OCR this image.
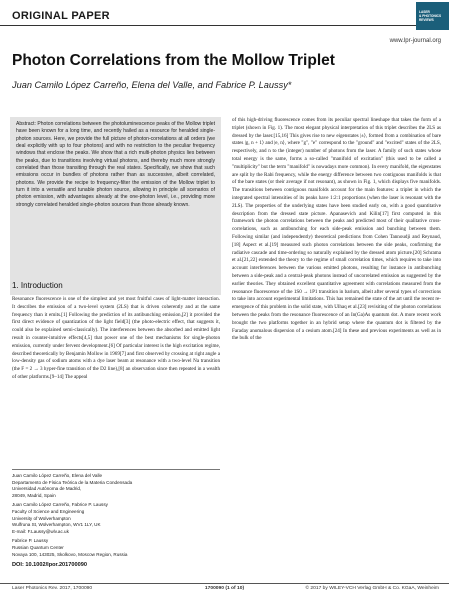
ORIGINAL PAPER	LASER
& PHOTONICS
REVIEWS
www.lpr-journal.org
Photon Correlations from the Mollow Triplet
Juan Camilo López Carreño, Elena del Valle, and Fabrice P. Laussy*
Abstract: Photon correlations between the photoluminescence peaks of the Mollow triplet have been known for a long time, and recently hailed as a resource for heralded single-photon sources. Here, we provide the full picture of photon-correlations at all orders (we deal explicitly with up to four photons) and with no restriction to the peculiar frequency windows that enclose the peaks. We show that a rich multi-photon physics lies between the peaks, due to transitions involving virtual photons, and thereby much more strongly correlated than those transiting through the real states. Specifically, we show that such emissions occur in bundles of photons rather than as successive, albeit correlated, photons. We provide the recipe to frequency-filter the emission of the Mollow triplet to turn it into a versatile and tunable photon source, allowing in principle all scenarios of photon emission, with advantages already at the one-photon level, i.e., providing more strongly correlated heralded single-photon sources than those already known.
1. Introduction

Resonance fluorescence is one of the simplest and yet most fruitful cases of light-matter interaction. It describes the emission of a two-level system (2LS) that is driven coherently and at the same frequency than it emits.[1] Following the prediction of its antibunching emission,[2] it provided the first direct evidence of quantization of the light field[3] (the photo-electric effect, that suggests it, could also be explained semi-classically). The interferences between the absorbed and emitted light result in counter-intuitive effects[4,5] that power one of the best mechanisms for single-photon emission, currently under fervent development.[6] Of particular interest is the high excitation regime, described theoretically by Benjamin Mollow in 1969[7] and first observed by crossing at right angle a low-density gas of sodium atoms with a dye laser beam at resonance with a two-level Na transition (the F = 2 → 3 hyper-fine transition of the D2 line),[8] an observation since then repeated in a wealth of other platforms.[9–14] The appeal

of this high-driving fluorescence comes from its peculiar spectral lineshape that takes the form of a triplet (shown in Fig. 1). The most elegant physical interpretation of this triplet describes the 2LS as dressed by the laser.[15,16] This gives rise to new eigenstates |±⟩, formed from a combination of bare states |g, n + 1⟩ and |e, n⟩, where "g", "e" correspond to the "ground" and "excited" states of the 2LS, respectively, and n to the (integer) number of photons from the laser. A family of such states whose total energy is the same, forms a so-called "manifold of excitation" (this used to be called a "multiplicity" but the term "manifold" is nowadays more common). In every manifold, the eigenstates are split by the Rabi frequency, while the energy difference between two contiguous manifolds is that of the bare states (or their average if not resonant), as shown in Fig. 1, which displays five manifolds. The transitions between contiguous manifolds account for the main features: a triplet in which the integrated spectral intensities of its peaks have 1:2:1 proportions (when the laser is resonant with the 2LS). The properties of the underlying states have been studied early on, with a good quantitative description from the dressed state picture. Apanasevich and Kilin[17] first computed in this framework the photon correlations between the peaks and predicted most of their qualitative cross-correlations, such as antibunching for each side-peak emission and bunching between them. Following similar (and independently) theoretical predictions from Cohen Tannoudji and Reynaud,[18] Aspect et al.[19] measured such photon correlations between the side peaks, confirming the radiative cascade and time-ordering so naturally explained by the dressed atom picture.[20] Schrama et al.[21,22] extended the theory to the regime of small correlation times, which requires to take into account interferences between the various emitted photons, resulting for instance in antibunching between a side-peak and a central-peak photons instead of uncorrelated emission as suggested by the earlier theories. They obtained excellent quantitative agreement with correlations measured from the resonance fluorescence of the 1S0 → 1P1 transition in barium, albeit after several types of corrections to take into account experimental limitations. This has remained the state of the art until the recent re-emergence of this problem in the solid state, with Ulhaq et al.[23] revisiting of the photon correlations between the peaks from the resonance fluorescence of an In(Ga)As quantum dot. A more recent work brought the two platforms together in an hybrid setup where the quantum dot is filtered by the Faraday anomalous dispersion of a cesium atom.[24] In these and previous experiments as well as in the bulk of the

Juan Camilo López Carreño, Elena del Valle
Departamento de Física Teórica de la Materia Condensada
Universidad Autónoma de Madrid,
28049, Madrid, Spain
Juan Camilo López Carreño, Fabrice P. Laussy
Faculty of Science and Engineering
University of Wolverhampton
Wulfruna St, Wolverhampton, WV1 1LY, UK
E-mail: F.Laussy@wlv.ac.uk
Fabrice P. Laussy
Russian Quantum Center
Novaya 100, 143025, Skolkovo, Moscow Region, Russia
DOI: 10.1002/lpor.201700090
Laser Photonics Rev. 2017, 1700090	1700090 (1 of 10)	© 2017 by WILEY-VCH Verlag GmbH & Co. KGaA, Weinheim
